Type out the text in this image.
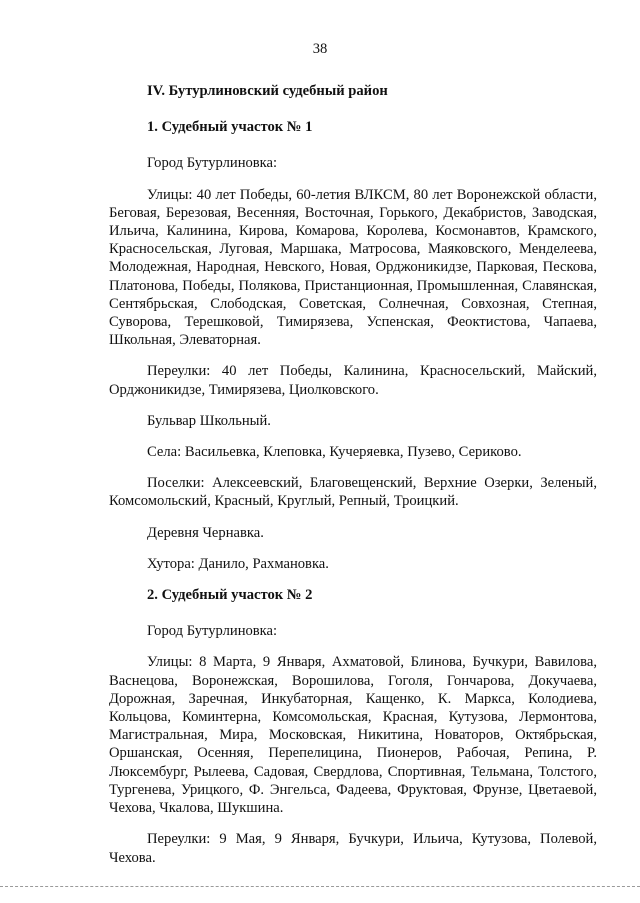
38
IV. Бутурлиновский судебный район
1. Судебный участок № 1
Город Бутурлиновка:
Улицы: 40 лет Победы, 60-летия ВЛКСМ, 80 лет Воронежской области, Беговая, Березовая, Весенняя, Восточная, Горького, Декабристов, Заводская, Ильича, Калинина, Кирова, Комарова, Королева, Космонавтов, Крамского, Красносельская, Луговая, Маршака, Матросова, Маяковского, Менделеева, Молодежная, Народная, Невского, Новая, Орджоникидзе, Парковая, Пескова, Платонова, Победы, Полякова, Пристанционная, Промышленная, Славянская, Сентябрьская, Слободская, Советская, Солнечная, Совхозная, Степная, Суворова, Терешковой, Тимирязева, Успенская, Феоктистова, Чапаева, Школьная, Элеваторная.
Переулки: 40 лет Победы, Калинина, Красносельский, Майский, Орджоникидзе, Тимирязева, Циолковского.
Бульвар Школьный.
Села: Васильевка, Клеповка, Кучеряевка, Пузево, Сериково.
Поселки: Алексеевский, Благовещенский, Верхние Озерки, Зеленый, Комсомольский, Красный, Круглый, Репный, Троицкий.
Деревня Чернавка.
Хутора: Данило, Рахмановка.
2. Судебный участок № 2
Город Бутурлиновка:
Улицы: 8 Марта, 9 Января, Ахматовой, Блинова, Бучкури, Вавилова, Васнецова, Воронежская, Ворошилова, Гоголя, Гончарова, Докучаева, Дорожная, Заречная, Инкубаторная, Кащенко, К. Маркса, Колодиева, Кольцова, Коминтерна, Комсомольская, Красная, Кутузова, Лермонтова, Магистральная, Мира, Московская, Никитина, Новаторов, Октябрьская, Оршанская, Осенняя, Перепелицина, Пионеров, Рабочая, Репина, Р. Люксембург, Рылеева, Садовая, Свердлова, Спортивная, Тельмана, Толстого, Тургенева, Урицкого, Ф. Энгельса, Фадеева, Фруктовая, Фрунзе, Цветаевой, Чехова, Чкалова, Шукшина.
Переулки: 9 Мая, 9 Января, Бучкури, Ильича, Кутузова, Полевой, Чехова.
